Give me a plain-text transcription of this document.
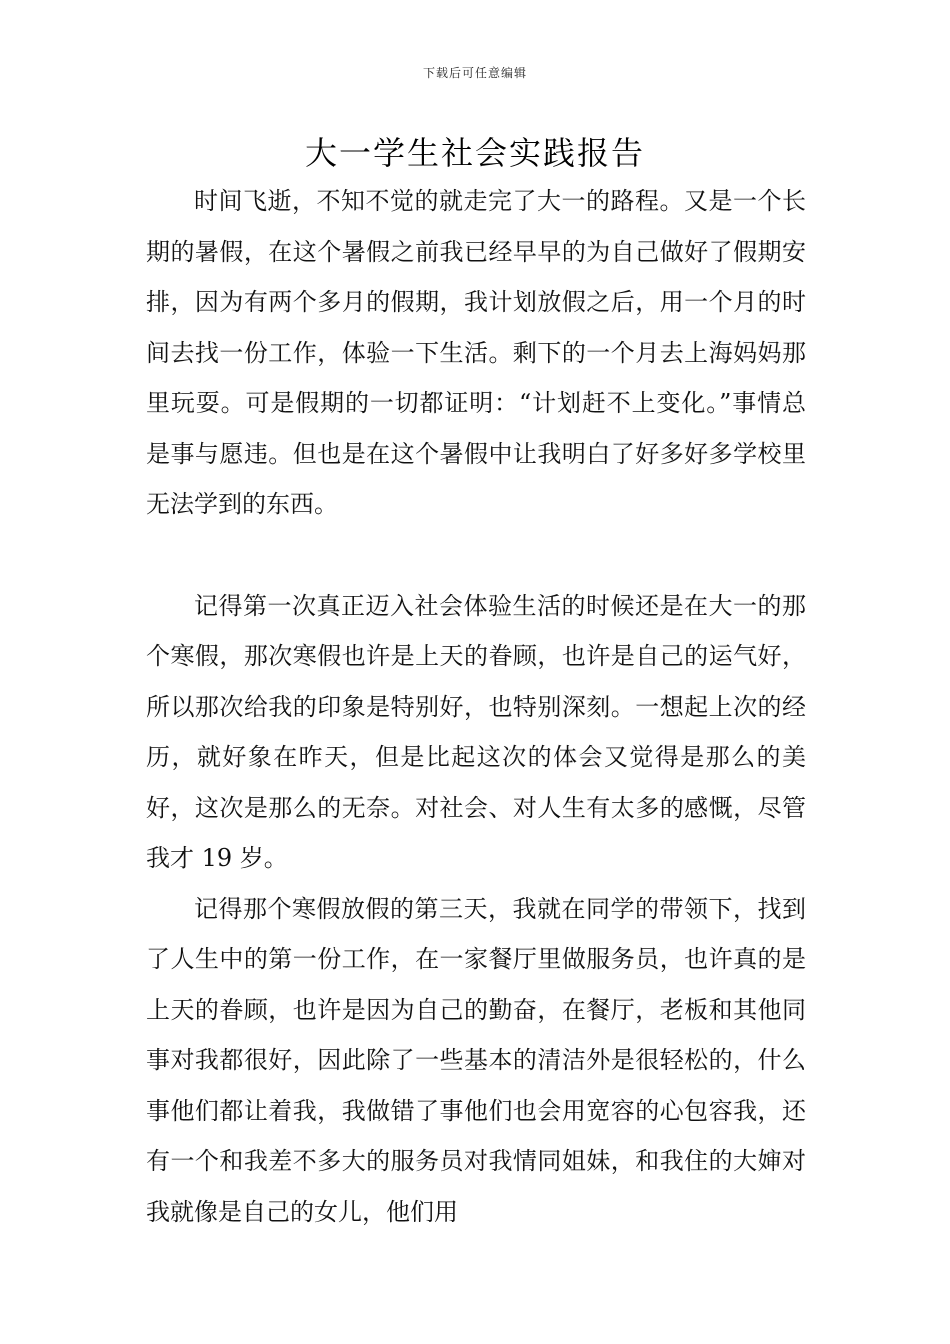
下载后可任意编辑
大一学生社会实践报告

时间飞逝，不知不觉的就走完了大一的路程。又是一个长期的暑假，在这个暑假之前我已经早早的为自己做好了假期安排，因为有两个多月的假期，我计划放假之后，用一个月的时间去找一份工作，体验一下生活。剩下的一个月去上海妈妈那里玩耍。可是假期的一切都证明：“计划赶不上变化。”事情总是事与愿违。但也是在这个暑假中让我明白了好多好多学校里无法学到的东西。

记得第一次真正迈入社会体验生活的时候还是在大一的那个寒假，那次寒假也许是上天的眷顾，也许是自己的运气好，所以那次给我的印象是特别好，也特别深刻。一想起上次的经历，就好象在昨天，但是比起这次的体会又觉得是那么的美好，这次是那么的无奈。对社会、对人生有太多的感慨，尽管我才 19 岁。

记得那个寒假放假的第三天，我就在同学的带领下，找到了人生中的第一份工作，在一家餐厅里做服务员，也许真的是上天的眷顾，也许是因为自己的勤奋，在餐厅，老板和其他同事对我都很好，因此除了一些基本的清洁外是很轻松的，什么事他们都让着我，我做错了事他们也会用宽容的心包容我，还有一个和我差不多大的服务员对我情同姐妹，和我住的大婶对我就像是自己的女儿，他们用
